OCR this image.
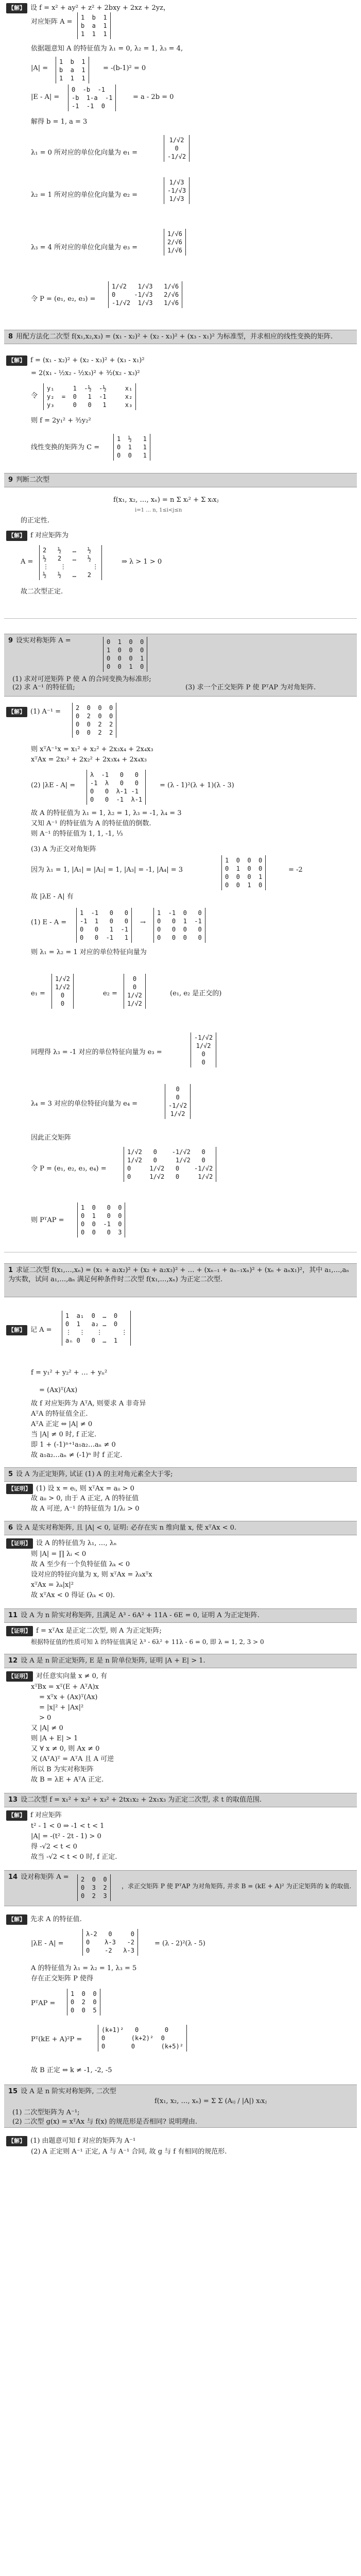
【解】 设 f = x² + ay² + z² + 2bxy + 2xz + 2yz，
对应矩阵 A =
1  b  1
b  a  1
1  1  1
依据题意知 A 的特征值为 λ₁ = 0, λ₂ = 1, λ₃ = 4,
|A| =
1  b  1
b  a  1
1  1  1
= -(b-1)² = 0
|E - A| =
0  -b  -1
-b  1-a  -1
-1  -1  0
= a - 2b = 0
解得 b = 1, a = 3
λ₁ = 0 所对应的单位化向量为 e₁ =
1/√2
0
-1/√2
λ₂ = 1 所对应的单位化向量为 e₂ =
1/√3
-1/√3
1/√3
λ₃ = 4 所对应的单位化向量为 e₃ =
1/√6
2/√6
1/√6
令 P = (e₁, e₂, e₃) =
1/√2   1/√3   1/√6
0     -1/√3   2/√6
-1/√2  1/√3   1/√6
8 用配方法化二次型 f(x₁,x₂,x₃) = (x₁ - x₂)² + (x₂ - x₃)² + (x₃ - x₁)² 为标准型，并求相应的线性变换的矩阵.
【解】 f = (x₁ - x₂)² + (x₂ - x₃)² + (x₃ - x₁)²
= 2(x₁ - ½x₂ - ½x₃)² + ³⁄₂(x₂ - x₃)²
令
y₁     1  -½  -½     x₁
y₂  =  0   1  -1     x₂
y₃     0   0   1     x₃
则 f = 2y₁² + ³⁄₂y₂²
线性变换的矩阵为 C =
1  ½   1
0  1   1
0  0   1
9 判断二次型
f(x₁, x₂, …, xₙ) = n Σ xᵢ² + Σ xᵢxⱼ
i=1 … n, 1≤i<j≤n
的正定性.
【解】 f 对应矩阵为
A =
2   ½   …   ½
½   2   …   ½
⋮   ⋮       ⋮
½   ½   …   2
⇒ λ > 1 > 0
故二次型正定.
9 设实对称矩阵 A =	0  1  0  0
1  0  0  0
0  0  0  1
0  0  1  0
(1) 求对可逆矩阵 P 使 A 的合同变换为标准形;
(2) 求 A⁻¹ 的特征值;	(3) 求一个正交矩阵 P 使 PᵀAP 为对角矩阵.
【解】 (1) A⁻¹ =	2  0  0  0
0  2  0  0
0  0  2  2
0  0  2  2
则 xᵀA⁻¹x = x₁² + x₂² + 2x₃x₄ + 2x₄x₃
xᵀAx = 2x₁² + 2x₂² + 2x₃x₄ + 2x₄x₃
(2) |λE - A| =
λ  -1   0   0
-1  λ   0   0
0   0  λ-1 -1
0   0  -1  λ-1
= (λ - 1)²(λ + 1)(λ - 3)
故 A 的特征值为 λ₁ = 1, λ₂ = 1, λ₃ = -1, λ₄ = 3
又知 A⁻¹ 的特征值为 A 的特征值的倒数.
则 A⁻¹ 的特征值为 1, 1, -1, ⅓
(3) A 为正交对角矩阵
因为 λ₁ = 1, |A₁| = |A₂| = 1, |A₃| = -1, |A₄| = 3
1  0  0  0
0  1  0  0
0  0  0  1
0  0  1  0
= -2
故 |λE - A| 有
(1) E - A =
1  -1   0   0
-1  1   0   0
0   0   1  -1
0   0  -1   1
→
1  -1  0   0
0   0  1  -1
0   0  0   0
0   0  0   0
则 λ₁ = λ₂ = 1 对应的单位特征向量为
e₁ =
1/√2
1/√2
0
0
e₂ =
0
0
1/√2
1/√2
(e₁, e₂ 是正交的)
同理得 λ₃ = -1 对应的单位特征向量为 e₃ =
-1/√2
1/√2
0
0
λ₄ = 3 对应的单位特征向量为 e₄ =
0
0
-1/√2
1/√2
因此正交矩阵
令 P = (e₁, e₂, e₃, e₄) =
1/√2   0    -1/√2   0
1/√2   0     1/√2   0
0     1/√2   0    -1/√2
0     1/√2   0     1/√2
则 PᵀAP =
1  0   0  0
0  1   0  0
0  0  -1  0
0  0   0  3
1 求证二次型 f(x₁,…,xₙ) = (x₁ + a₁x₂)² + (x₂ + a₂x₃)² + … + (xₙ₋₁ + aₙ₋₁xₙ)² + (xₙ + aₙx₁)²，其中 a₁,…,aₙ 为实数，试问 a₁,…,aₙ 满足何种条件时二次型 f(x₁,…,xₙ) 为正定二次型.
【解】 记 A =
1  a₁  0  …  0
0  1   a₂ …  0
⋮  ⋮   ⋮     ⋮
aₙ 0   0  …  1
f = y₁² + y₂² + … + yₙ²
= (Ax)ᵀ(Ax)
故 f 对应矩阵为 AᵀA, 则要求 A 非奇异
AᵀA 的特征值全正.
AᵀA 正定 ⇔ |A| ≠ 0
当 |A| ≠ 0 时, f 正定.
即 1 + (-1)ⁿ⁺¹a₁a₂…aₙ ≠ 0
故 a₁a₂…aₙ ≠ (-1)ⁿ 时 f 正定.
5 设 A 为正定矩阵, 试证 (1) A 的主对角元素全大于零;
【证明】 (1) 设 x = eᵢ, 则 xᵀAx = aᵢᵢ > 0
故 aᵢᵢ > 0, 由于 A 正定, A 的特征值
故 A 可逆, A⁻¹ 的特征值为 1/λᵢ > 0
6 设 A 是实对称矩阵, 且 |A| < 0, 证明: 必存在实 n 维向量 x, 使 xᵀAx < 0.
【证明】 设 A 的特征值为 λ₁, …, λₙ
则 |A| = ∏ λᵢ < 0
故 A 至少有一个负特征值 λₖ < 0
设对应的特征向量为 x, 则 xᵀAx = λₖxᵀx
xᵀAx = λₖ|x|²
故 xᵀAx < 0 得证 (λₖ < 0).
11 设 A 为 n 阶实对称矩阵, 且满足 A³ - 6A² + 11A - 6E = 0, 证明 A 为正定矩阵.
【证明】 f = xᵀAx 是正定二次型, 则 A 为正定矩阵;
根据特征值的性质可知 λ 的特征值满足 λ³ - 6λ² + 11λ - 6 = 0, 即 λ = 1, 2, 3 > 0
12 设 A 是 n 阶正定矩阵, E 是 n 阶单位矩阵, 证明 |A + E| > 1.
【证明】 对任意实向量 x ≠ 0, 有
xᵀBx = xᵀ(E + AᵀA)x
= xᵀx + (Ax)ᵀ(Ax)
= |x|² + |Ax|²
> 0
又 |A| ≠ 0
则 |A + E| > 1
又 ∀ x ≠ 0, 则 Ax ≠ 0
又 (AᵀA)ᵀ = AᵀA 且 A 可逆
所以 B 为实对称矩阵
故 B = λE + AᵀA 正定.
13 设二次型 f = x₁² + x₂² + x₃² + 2tx₁x₂ + 2x₁x₃ 为正定二次型, 求 t 的取值范围.
【解】 f 对应矩阵
t² - 1 < 0 ⇒ -1 < t < 1
|A| = -(t² - 2t - 1) > 0
得 -√2 < t < 0
故当 -√2 < t < 0 时, f 正定.
14 设对称矩阵 A =	2  0  0
0  3  2
0  2  3
，求正交矩阵 P 使 PᵀAP 为对角矩阵, 并求 B = (kE + A)² 为正定矩阵的 k 的取值.
【解】 先求 A 的特征值.
|λE - A| =
λ-2   0     0
0    λ-3   -2
0    -2   λ-3
= (λ - 2)²(λ - 5)
A 的特征值为 λ₁ = λ₂ = 1, λ₃ = 5
存在正交矩阵 P 使得
PᵀAP =
1  0  0
0  2  0
0  0  5
Pᵀ(kE + A)²P =
(k+1)²   0       0
0       (k+2)²  0
0       0       (k+5)²
故 B 正定 ⇔ k ≠ -1, -2, -5
15 设 A 是 n 阶实对称矩阵, 二次型
f(x₁, x₂, …, xₙ) = Σ Σ (Aᵢⱼ / |A|) xᵢxⱼ
(1) 二次型矩阵为 A⁻¹;
(2) 二次型 g(x) = xᵀAx 与 f(x) 的规范形是否相同? 说明理由.
【解】 (1) 由题意可知 f 对应的矩阵为 A⁻¹
(2) A 正定则 A⁻¹ 正定, A 与 A⁻¹ 合同, 故 g 与 f 有相同的规范形.
